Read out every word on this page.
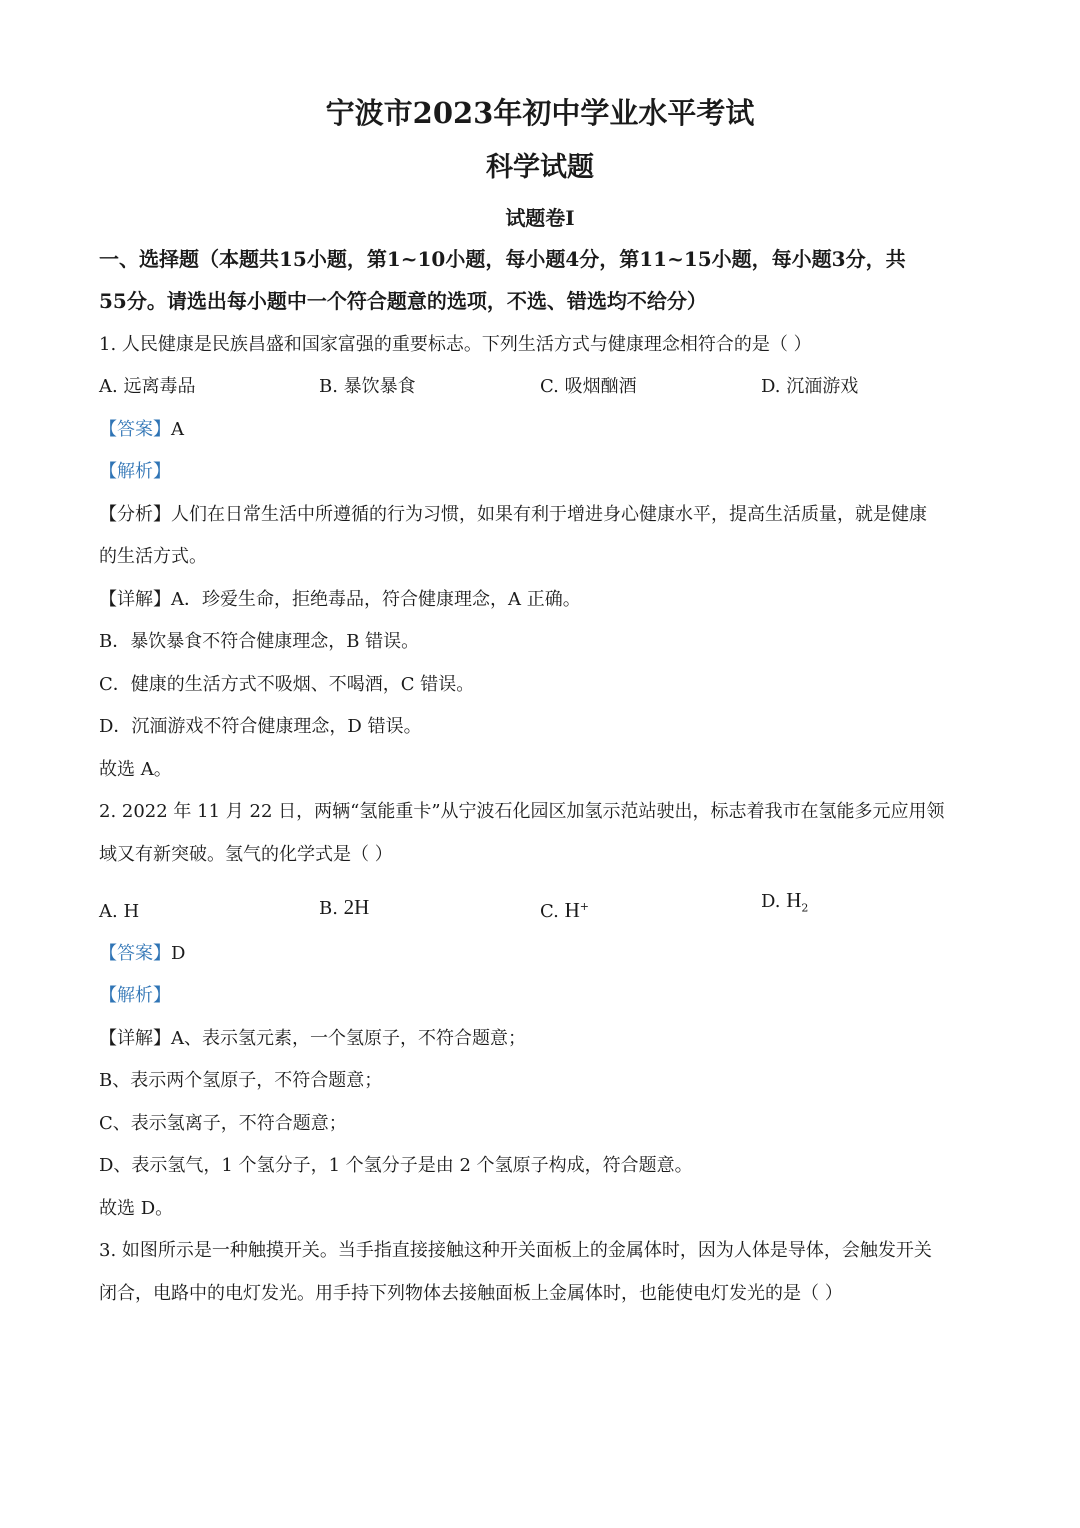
宁波市2023年初中学业水平考试
科学试题
试题卷Ⅰ
一、选择题（本题共15小题，第1~10小题，每小题4分，第11~15小题，每小题3分，共
55分。请选出每小题中一个符合题意的选项，不选、错选均不给分）
1. 人民健康是民族昌盛和国家富强的重要标志。下列生活方式与健康理念相符合的是（ ）
A. 远离毒品	B. 暴饮暴食	C. 吸烟酗酒	D. 沉湎游戏
【答案】A
【解析】
【分析】人们在日常生活中所遵循的行为习惯，如果有利于增进身心健康水平，提高生活质量，就是健康
的生活方式。
【详解】A．珍爱生命，拒绝毒品，符合健康理念，A 正确。
B．暴饮暴食不符合健康理念，B 错误。
C．健康的生活方式不吸烟、不喝酒，C 错误。
D．沉湎游戏不符合健康理念，D 错误。
故选 A。
2. 2022 年 11 月 22 日，两辆“氢能重卡”从宁波石化园区加氢示范站驶出，标志着我市在氢能多元应用领
域又有新突破。氢气的化学式是（ ）
A. H	B. 2H	C. H+	D. $H_2$
【答案】D
【解析】
【详解】A、表示氢元素，一个氢原子，不符合题意；
B、表示两个氢原子，不符合题意；
C、表示氢离子，不符合题意；
D、表示氢气，1 个氢分子，1 个氢分子是由 2 个氢原子构成，符合题意。
故选 D。
3. 如图所示是一种触摸开关。当手指直接接触这种开关面板上的金属体时，因为人体是导体，会触发开关
闭合，电路中的电灯发光。用手持下列物体去接触面板上金属体时，也能使电灯发光的是（ ）
